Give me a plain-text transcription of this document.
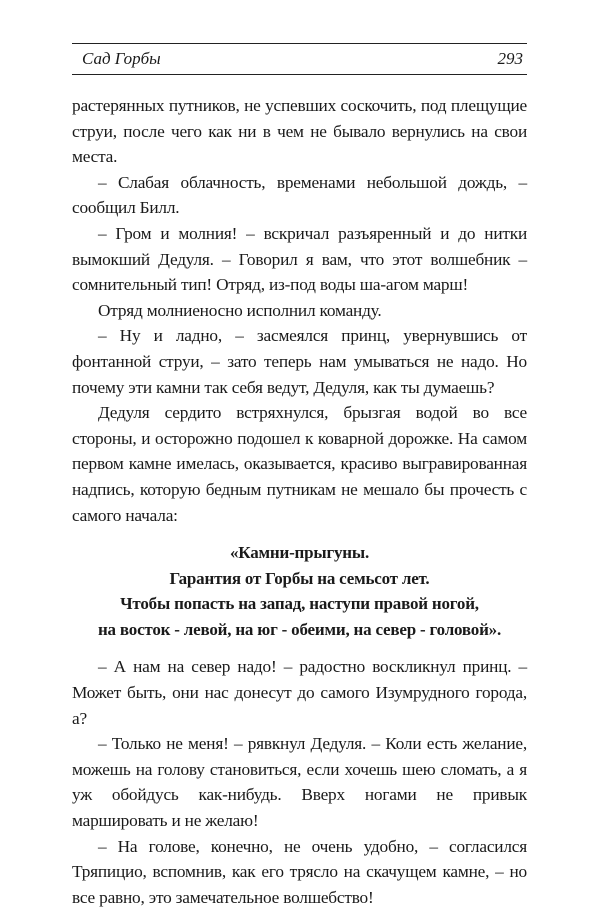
Сад Горбы	293

растерянных путников, не успевших соскочить, под плещущие струи, после чего как ни в чем не бывало вернулись на свои места.

– Слабая облачность, временами небольшой дождь, – сообщил Билл.

– Гром и молния! – вскричал разъяренный и до нитки вымокший Дедуля. – Говорил я вам, что этот волшебник – сомнительный тип! Отряд, из-под воды ша-агом марш!

Отряд молниеносно исполнил команду.

– Ну и ладно, – засмеялся принц, увернувшись от фонтанной струи, – зато теперь нам умываться не надо. Но почему эти камни так себя ведут, Дедуля, как ты думаешь?

Дедуля сердито встряхнулся, брызгая водой во все стороны, и осторожно подошел к коварной дорожке. На самом первом камне имелась, оказывается, красиво выгравированная надпись, которую бедным путникам не мешало бы прочесть с самого начала:

«Камни-прыгуны.
Гарантия от Горбы на семьсот лет.
Чтобы попасть на запад, наступи правой ногой,
на восток - левой, на юг - обеими, на север - головой».

– А нам на север надо! – радостно воскликнул принц. – Может быть, они нас донесут до самого Изумрудного города, а?

– Только не меня! – рявкнул Дедуля. – Коли есть желание, можешь на голову становиться, если хочешь шею сломать, а я уж обойдусь как-нибудь. Вверх ногами не привык маршировать и не желаю!

– На голове, конечно, не очень удобно, – согласился Тряпицио, вспомнив, как его трясло на скачущем камне, – но все равно, это замечательное волшебство!
